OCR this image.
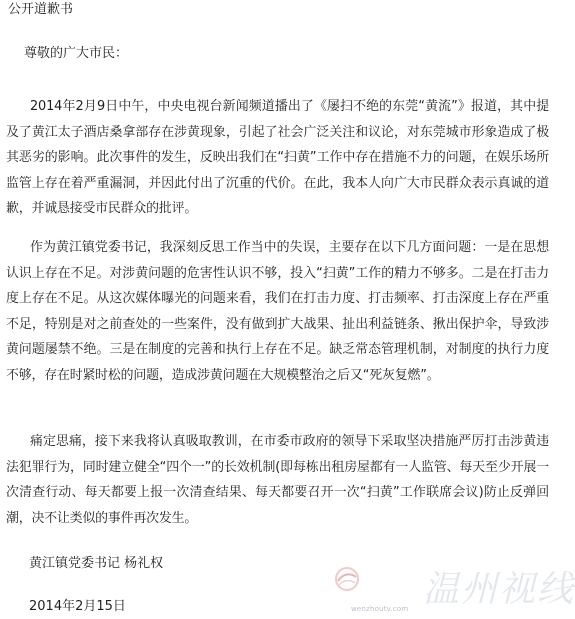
公开道歉书
尊敬的广大市民：

2014年2月9日中午，中央电视台新闻频道播出了《屡扫不绝的东莞“黄流”》报道，其中提及了黄江太子酒店桑拿部存在涉黄现象，引起了社会广泛关注和议论，对东莞城市形象造成了极其恶劣的影响。此次事件的发生，反映出我们在“扫黄”工作中存在措施不力的问题，在娱乐场所监管上存在着严重漏洞，并因此付出了沉重的代价。在此，我本人向广大市民群众表示真诚的道歉，并诚恳接受市民群众的批评。

作为黄江镇党委书记，我深刻反思工作当中的失误，主要存在以下几方面问题：一是在思想认识上存在不足。对涉黄问题的危害性认识不够，投入“扫黄”工作的精力不够多。二是在打击力度上存在不足。从这次媒体曝光的问题来看，我们在打击力度、打击频率、打击深度上存在严重不足，特别是对之前查处的一些案件，没有做到扩大战果、扯出利益链条、揪出保护伞，导致涉黄问题屡禁不绝。三是在制度的完善和执行上存在不足。缺乏常态管理机制，对制度的执行力度不够，存在时紧时松的问题，造成涉黄问题在大规模整治之后又“死灰复燃”。

痛定思痛，接下来我将认真吸取教训，在市委市政府的领导下采取坚决措施严厉打击涉黄违法犯罪行为，同时建立健全“四个一”的长效机制(即每栋出租房屋都有一人监管、每天至少开展一次清查行动、每天都要上报一次清查结果、每天都要召开一次“扫黄”工作联席会议)防止反弹回潮，决不让类似的事件再次发生。

黄江镇党委书记 杨礼权
2014年2月15日	wenzhoutv.com 温州视线
